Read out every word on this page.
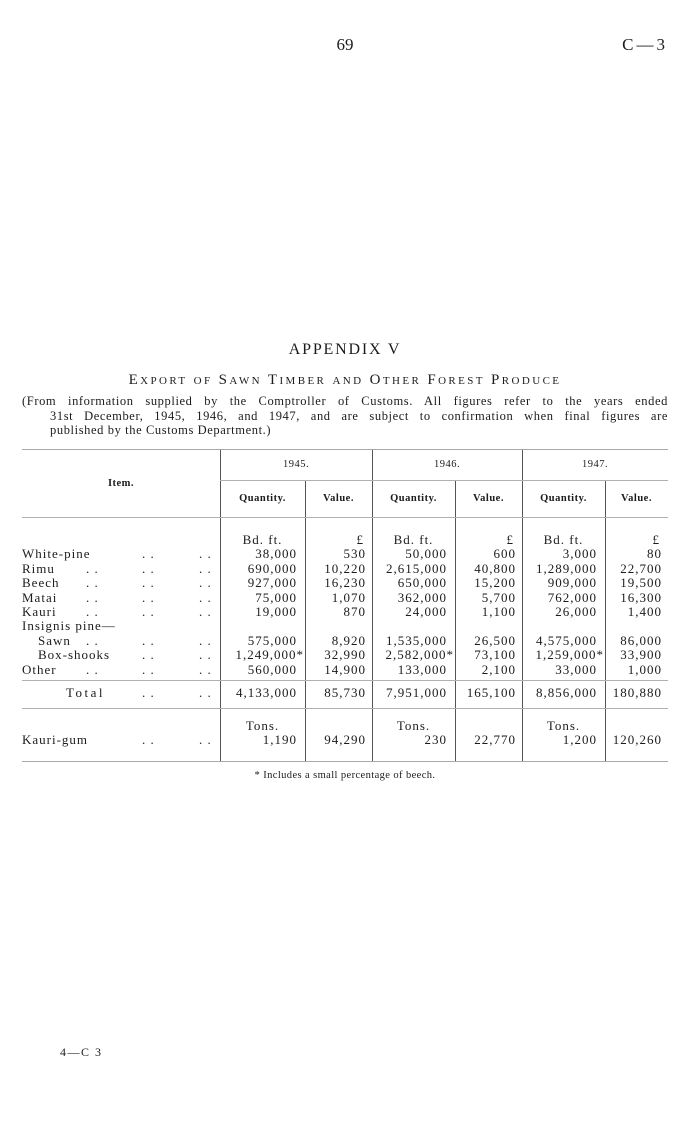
69	C—3
APPENDIX V
Export of Sawn Timber and Other Forest Produce
(From information supplied by the Comptroller of Customs. All figures refer to the years ended
31st December, 1945, 1946, and 1947, and are subject to confirmation when final figures are
published by the Customs Department.)
Item.
1945.	1946.	1947.
Quantity.	Value.	Quantity.	Value.	Quantity.	Value.
Bd. ft.	£	Bd. ft.	£	Bd. ft.	£
White-pine	. .	. .	38,000	530	50,000	600	3,000	80
Rimu . .	. .	. .	690,000	10,220	2,615,000	40,800	1,289,000	22,700
Beech . .	. .	. .	927,000	16,230	650,000	15,200	909,000	19,500
Matai . .	. .	. .	75,000	1,070	362,000	5,700	762,000	16,300
Kauri . .	. .	. .	19,000	870	24,000	1,100	26,000	1,400
Insignis pine—
Sawn . .	. .	. .	575,000	8,920	1,535,000	26,500	4,575,000	86,000
Box-shooks . .	. .	1,249,000*	32,990	2,582,000*	73,100	1,259,000*	33,900
Other . .	. .	. .	560,000	14,900	133,000	2,100	33,000	1,000
Total	. .	. .	4,133,000	85,730	7,951,000	165,100	8,856,000	180,880
Tons.	Tons.	Tons.
Kauri-gum	. .	. .	1,190	94,290	230	22,770	1,200	120,260
* Includes a small percentage of beech.
4—C 3
